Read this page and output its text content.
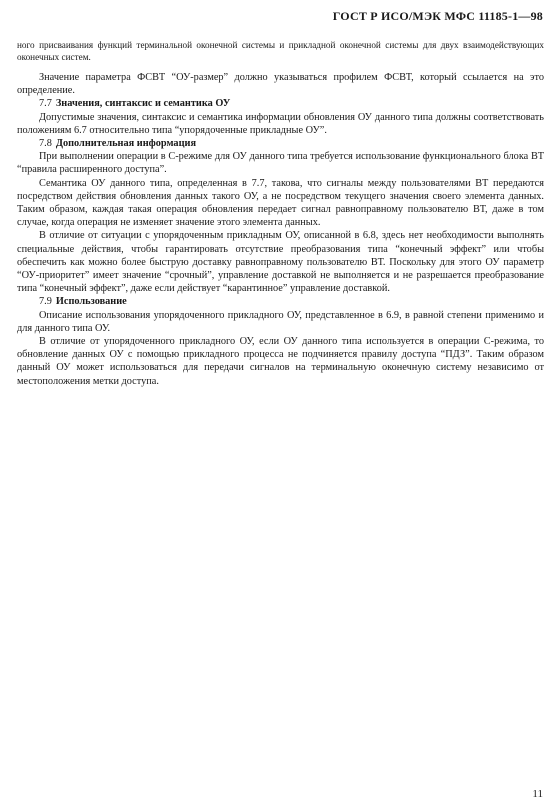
ГОСТ Р ИСО/МЭК МФС 11185-1—98

ного присваивания функций терминальной оконечной системы и прикладной оконечной системы для двух взаимодействующих оконечных систем.

Значение параметра ФСВТ “ОУ-размер” должно указываться профилем ФСВТ, который ссылается на это определение.

7.7 Значения, синтаксис и семантика ОУ

Допустимые значения, синтаксис и семантика информации обновления ОУ данного типа должны соответствовать положениям 6.7 относительно типа “упорядоченные прикладные ОУ”.

7.8 Дополнительная информация

При выполнении операции в С-режиме для ОУ данного типа требуется использование функционального блока ВТ “правила расширенного доступа”.

Семантика ОУ данного типа, определенная в 7.7, такова, что сигналы между пользователями ВТ передаются посредством действия обновления данных такого ОУ, а не посредством текущего значения своего элемента данных. Таким образом, каждая такая операция обновления передает сигнал равноправному пользователю ВТ, даже в том случае, когда операция не изменяет значение этого элемента данных.

В отличие от ситуации с упорядоченным прикладным ОУ, описанной в 6.8, здесь нет необходимости выполнять специальные действия, чтобы гарантировать отсутствие преобразования типа “конечный эффект” или чтобы обеспечить как можно более быструю доставку равноправному пользователю ВТ. Поскольку для этого ОУ параметр “ОУ-приоритет” имеет значение “срочный”, управление доставкой не выполняется и не разрешается преобразование типа “конечный эффект”, даже если действует “карантинное” управление доставкой.

7.9 Использование

Описание использования упорядоченного прикладного ОУ, представленное в 6.9, в равной степени применимо и для данного типа ОУ.

В отличие от упорядоченного прикладного ОУ, если ОУ данного типа используется в операции С-режима, то обновление данных ОУ с помощью прикладного процесса не подчиняется правилу доступа “ПДЗ”. Таким образом данный ОУ может использоваться для передачи сигналов на терминальную оконечную систему независимо от местоположения метки доступа.

11
